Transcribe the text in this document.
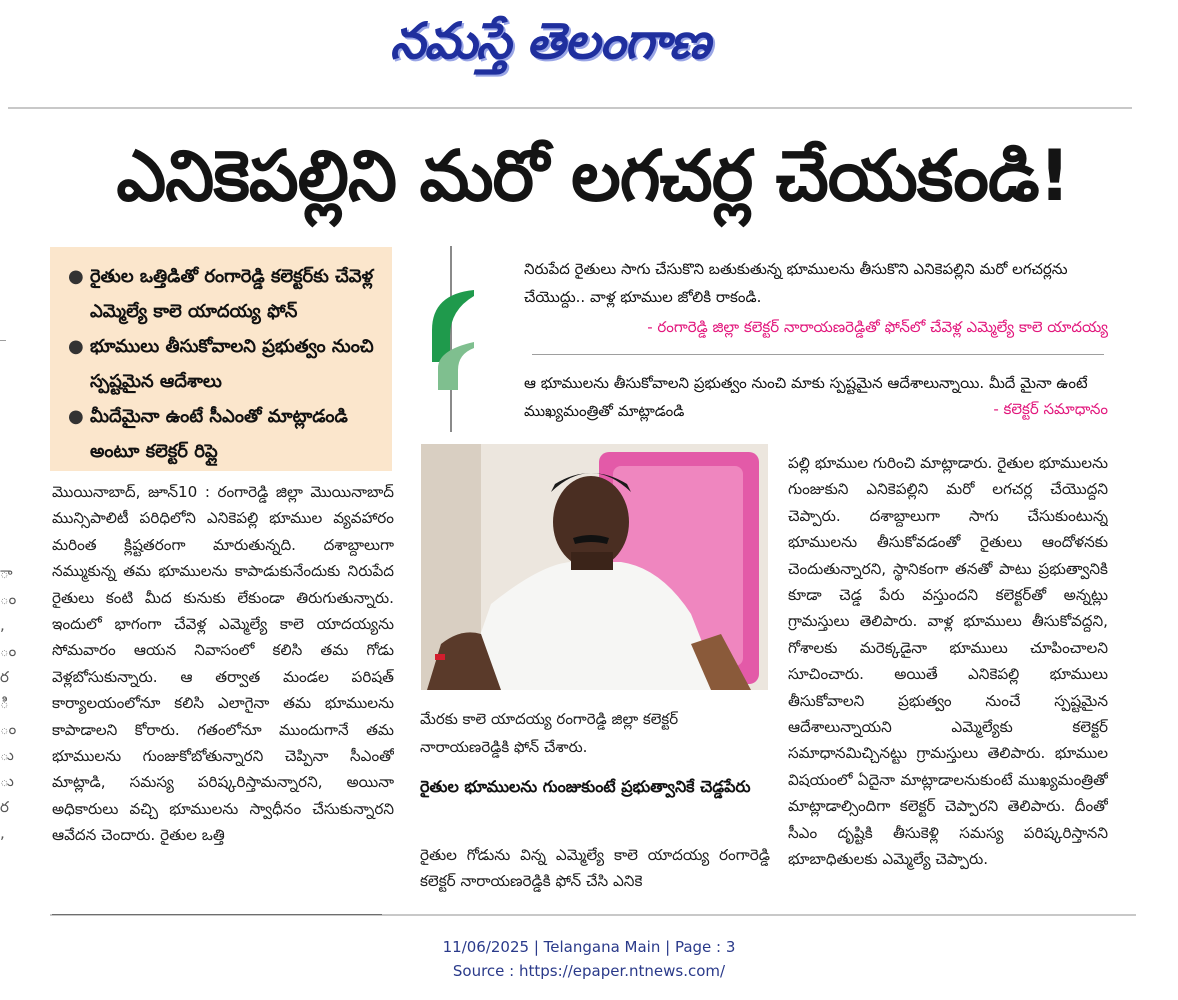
నమస్తే తెలంగాణ
ఎనికెపల్లిని మరో లగచర్ల చేయకండి!
● రైతుల ఒత్తిడితో రంగారెడ్డి కలెక్టర్‌కు చేవెళ్ల ఎమ్మెల్యే కాలె యాదయ్య ఫోన్
● భూములు తీసుకోవాలని ప్రభుత్వం నుంచి స్పష్టమైన ఆదేశాలు
● మీదేమైనా ఉంటే సీఎంతో మాట్లాడండి అంటూ కలెక్టర్ రిప్లై
నిరుపేద రైతులు సాగు చేసుకొని బతుకుతున్న భూములను తీసుకొని ఎనికెపల్లిని మరో లగచర్లను చేయొద్దు.. వాళ్ల భూముల జోలికి రాకండి.
- రంగారెడ్డి జిల్లా కలెక్టర్ నారాయణరెడ్డితో ఫోన్‌లో చేవెళ్ల ఎమ్మెల్యే కాలె యాదయ్య
ఆ భూములను తీసుకోవాలని ప్రభుత్వం నుంచి మాకు స్పష్టమైన ఆదేశాలున్నాయి. మీదే మైనా ఉంటే ముఖ్యమంత్రితో మాట్లాడండి	- కలెక్టర్ సమాధానం
మొయినాబాద్, జూన్10 : రంగారెడ్డి జిల్లా మొయినాబాద్ మున్సిపాలిటీ పరిధిలోని ఎనికెపల్లి భూముల వ్యవహారం మరింత క్లిష్టతరంగా మారుతున్నది. దశాబ్దాలుగా నమ్ముకున్న తమ భూములను కాపాడుకునేందుకు నిరుపేద రైతులు కంటి మీద కునుకు లేకుండా తిరుగుతున్నారు. ఇందులో భాగంగా చేవెళ్ల ఎమ్మెల్యే కాలె యాదయ్యను సోమవారం ఆయన నివాసంలో కలిసి తమ గోడు వెళ్లబోసుకున్నారు. ఆ తర్వాత మండల పరిషత్ కార్యాలయంలోనూ కలిసి ఎలాగైనా తమ భూములను కాపాడాలని కోరారు. గతంలోనూ ముందుగానే తమ భూములను గుంజుకోబోతున్నారని చెప్పినా సీఎంతో మాట్లాడి, సమస్య పరిష్కరిస్తామన్నారని, అయినా అధికారులు వచ్చి భూములను స్వాధీనం చేసుకున్నారని ఆవేదన చెందారు. రైతుల ఒత్తి
మేరకు కాలె యాదయ్య రంగారెడ్డి జిల్లా కలెక్టర్ నారాయణరెడ్డికి ఫోన్ చేశారు.
రైతుల భూములను గుంజుకుంటే ప్రభుత్వానికే చెడ్డపేరు
రైతుల గోడును విన్న ఎమ్మెల్యే కాలె యాదయ్య రంగారెడ్డి కలెక్టర్ నారాయణరెడ్డికి ఫోన్ చేసి ఎనికె
పల్లి భూముల గురించి మాట్లాడారు. రైతుల భూములను గుంజుకుని ఎనికెపల్లిని మరో లగచర్ల చేయొద్దని చెప్పారు. దశాబ్దాలుగా సాగు చేసుకుంటున్న భూములను తీసుకోవడంతో రైతులు ఆందోళనకు చెందుతున్నారని, స్థానికంగా తనతో పాటు ప్రభుత్వానికి కూడా చెడ్డ పేరు వస్తుందని కలెక్టర్‌తో అన్నట్లు గ్రామస్తులు తెలిపారు. వాళ్ల భూములు తీసుకోవద్దని, గోశాలకు మరెక్కడైనా భూములు చూపించాలని సూచించారు. అయితే ఎనికెపల్లి భూములు తీసుకోవాలని ప్రభుత్వం నుంచే స్పష్టమైన ఆదేశాలున్నాయని ఎమ్మెల్యేకు కలెక్టర్ సమాధానమిచ్చినట్టు గ్రామస్తులు తెలిపారు. భూముల విషయంలో ఏదైనా మాట్లాడాలనుకుంటే ముఖ్యమంత్రితో మాట్లాడాల్సిందిగా కలెక్టర్ చెప్పారని తెలిపారు. దీంతో సీఎం దృష్టికి తీసుకెళ్లి సమస్య పరిష్కరిస్తానని భూబాధితులకు ఎమ్మెల్యే చెప్పారు.
ా
ం
,
ం
ర
ి
ం
ు
ు
ర
,
11/06/2025 | Telangana Main | Page : 3
Source : https://epaper.ntnews.com/
